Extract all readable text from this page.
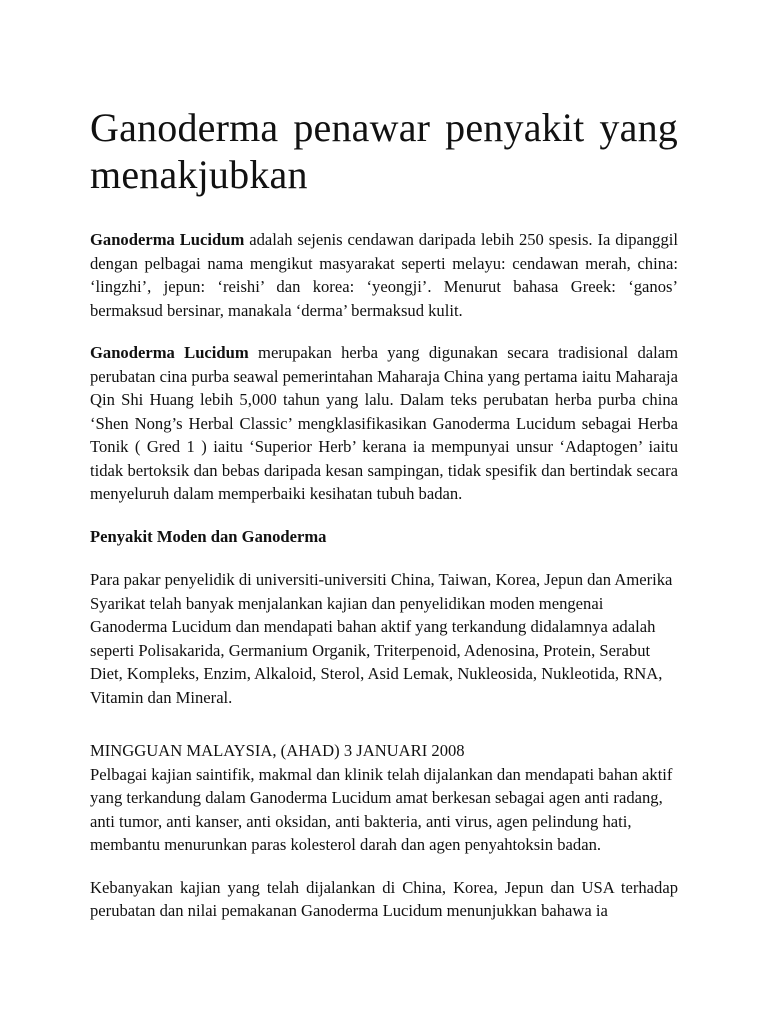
Ganoderma penawar penyakit yang menakjubkan

Ganoderma Lucidum adalah sejenis cendawan daripada lebih 250 spesis. Ia dipanggil dengan pelbagai nama mengikut masyarakat seperti melayu: cendawan merah, china: ‘lingzhi’, jepun: ‘reishi’ dan korea: ‘yeongji’. Menurut bahasa Greek: ‘ganos’ bermaksud bersinar, manakala ‘derma’ bermaksud kulit.

Ganoderma Lucidum merupakan herba yang digunakan secara tradisional dalam perubatan cina purba seawal pemerintahan Maharaja China yang pertama iaitu Maharaja Qin Shi Huang lebih 5,000 tahun yang lalu. Dalam teks perubatan herba purba china ‘Shen Nong’s Herbal Classic’ mengklasifikasikan Ganoderma Lucidum sebagai Herba Tonik ( Gred 1 ) iaitu ‘Superior Herb’ kerana ia mempunyai unsur ‘Adaptogen’ iaitu tidak bertoksik dan bebas daripada kesan sampingan, tidak spesifik dan bertindak secara menyeluruh dalam memperbaiki kesihatan tubuh badan.

Penyakit Moden dan Ganoderma

Para pakar penyelidik di universiti-universiti China, Taiwan, Korea, Jepun dan Amerika Syarikat telah banyak menjalankan kajian dan penyelidikan moden mengenai Ganoderma Lucidum dan mendapati bahan aktif yang terkandung didalamnya adalah seperti Polisakarida, Germanium Organik, Triterpenoid, Adenosina, Protein, Serabut Diet, Kompleks, Enzim, Alkaloid, Sterol, Asid Lemak, Nukleosida, Nukleotida, RNA, Vitamin dan Mineral.

MINGGUAN MALAYSIA, (AHAD) 3 JANUARI 2008

Pelbagai kajian saintifik, makmal dan klinik telah dijalankan dan mendapati bahan aktif yang terkandung dalam Ganoderma Lucidum amat berkesan sebagai agen anti radang, anti tumor, anti kanser, anti oksidan, anti bakteria, anti virus, agen pelindung hati, membantu menurunkan paras kolesterol darah dan agen penyahtoksin badan.

Kebanyakan kajian yang telah dijalankan di China, Korea, Jepun dan USA terhadap perubatan dan nilai pemakanan Ganoderma Lucidum menunjukkan bahawa ia
